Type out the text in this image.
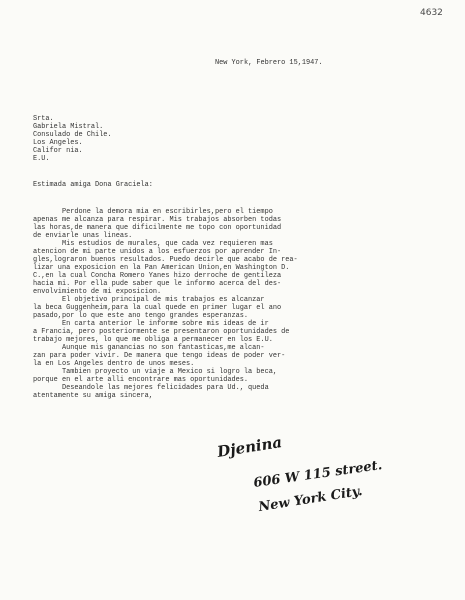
4632
New York, Febrero 15,1947.
Srta.
Gabriela Mistral.
Consulado de Chile.
Los Angeles.
Califor nia.
E.U.
Estimada amiga Dona Graciela:
Perdone la demora mia en escribirles,pero el tiempo
apenas me alcanza para respirar. Mis trabajos absorben todas
las horas,de manera que dificilmente me topo con oportunidad
de enviarle unas lineas.
Mis estudios de murales, que cada vez requieren mas
atencion de mi parte unidos a los esfuerzos por aprender In-
gles,lograron buenos resultados. Puedo decirle que acabo de rea-
lizar una exposicion en la Pan American Union,en Washington D.
C.,en la cual Concha Romero Yanes hizo derroche de gentileza
hacia mi. Por ella pude saber que le informo acerca del des-
envolvimiento de mi exposicion.
El objetivo principal de mis trabajos es alcanzar
la beca Guggenheim,para la cual quede en primer lugar el ano
pasado,por lo que este ano tengo grandes esperanzas.
En carta anterior le informe sobre mis ideas de ir
a Francia, pero posteriormente se presentaron oportunidades de
trabajo mejores, lo que me obliga a permanecer en los E.U.
Aunque mis ganancias no son fantasticas,me alcan-
zan para poder vivir. De manera que tengo ideas de poder ver-
la en Los Angeles dentro de unos meses.
Tambien proyecto un viaje a Mexico si logro la beca,
porque en el arte alli encontrare mas oportunidades.
Deseandole las mejores felicidades para Ud., queda
atentamente su amiga sincera,
Djenina
606 W 115 street.
New York City.
